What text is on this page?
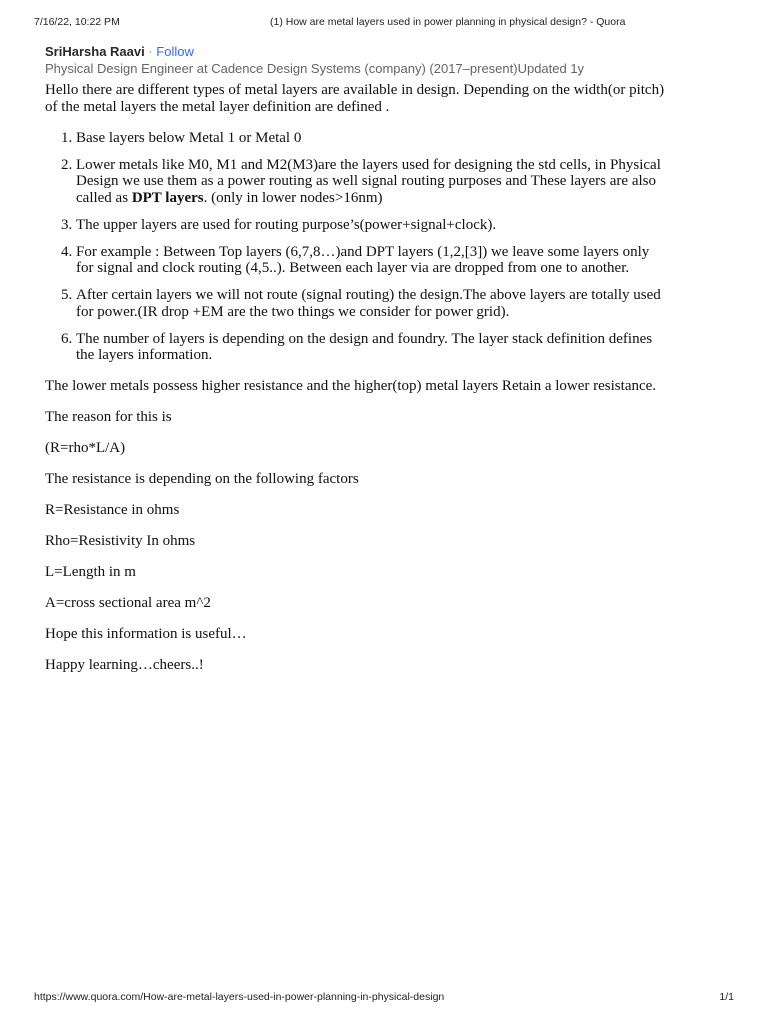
7/16/22, 10:22 PM	(1) How are metal layers used in power planning in physical design? - Quora
SriHarsha Raavi · Follow
Physical Design Engineer at Cadence Design Systems (company) (2017–present)Updated 1y

Hello there are different types of metal layers are available in design. Depending on the width(or pitch) of the metal layers the metal layer definition are defined .

1. Base layers below Metal 1 or Metal 0
2. Lower metals like M0, M1 and M2(M3)are the layers used for designing the std cells, in Physical Design we use them as a power routing as well signal routing purposes and These layers are also called as DPT layers. (only in lower nodes>16nm)
3. The upper layers are used for routing purpose’s(power+signal+clock).
4. For example : Between Top layers (6,7,8…)and DPT layers (1,2,[3]) we leave some layers only for signal and clock routing (4,5..). Between each layer via are dropped from one to another.
5. After certain layers we will not route (signal routing) the design.The above layers are totally used for power.(IR drop +EM are the two things we consider for power grid).
6. The number of layers is depending on the design and foundry. The layer stack definition defines the layers information.

The lower metals possess higher resistance and the higher(top) metal layers Retain a lower resistance.

The reason for this is

(R=rho*L/A)

The resistance is depending on the following factors

R=Resistance in ohms

Rho=Resistivity In ohms

L=Length in m

A=cross sectional area m^2

Hope this information is useful…

Happy learning…cheers..!

https://www.quora.com/How-are-metal-layers-used-in-power-planning-in-physical-design	1/1
